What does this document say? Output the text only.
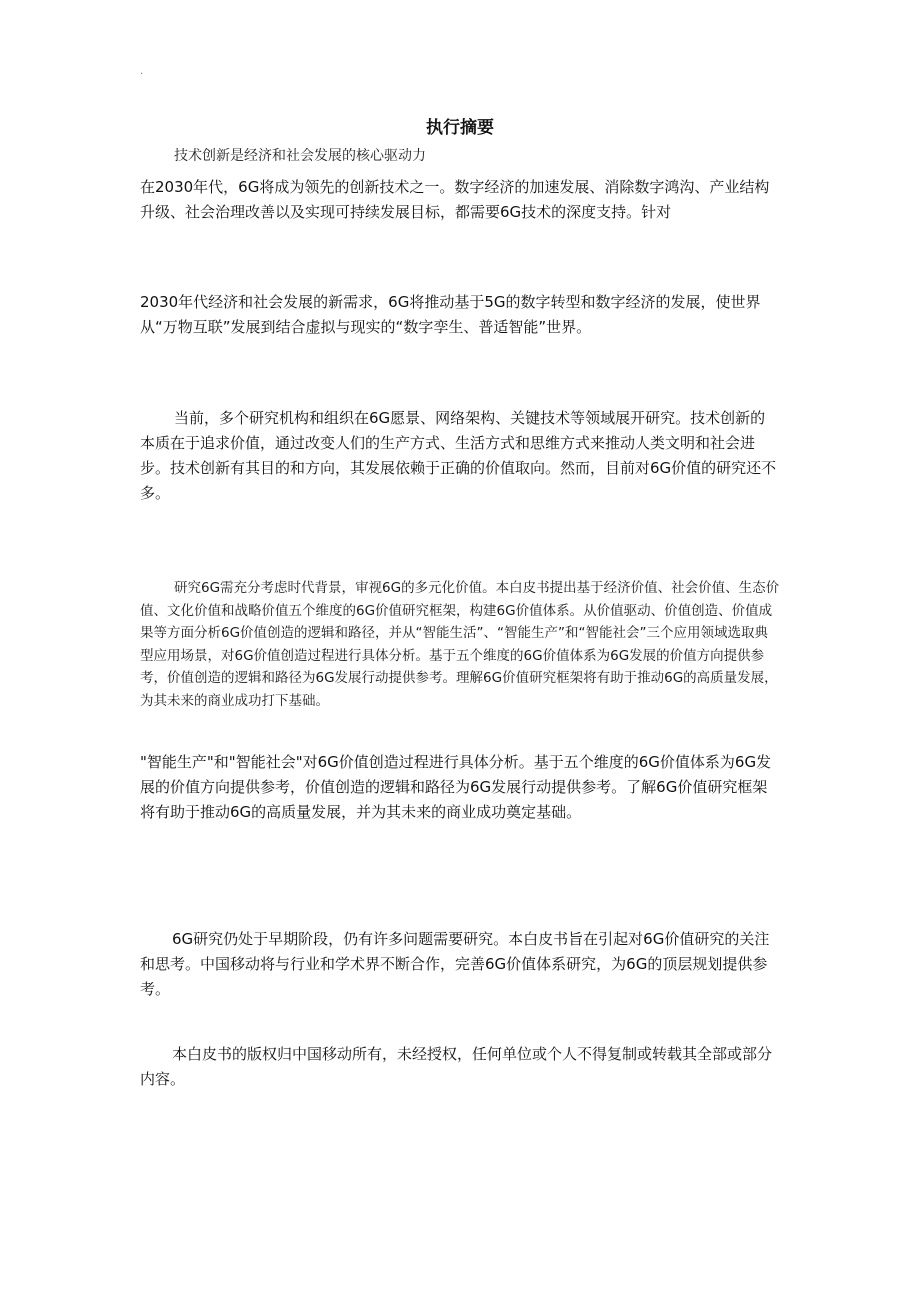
.
执行摘要

技术创新是经济和社会发展的核心驱动力

在2030年代，6G将成为领先的创新技术之一。数字经济的加速发展、消除数字鸿沟、产业结构升级、社会治理改善以及实现可持续发展目标，都需要6G技术的深度支持。针对

2030年代经济和社会发展的新需求，6G将推动基于5G的数字转型和数字经济的发展，使世界从“万物互联”发展到结合虚拟与现实的“数字孪生、普适智能”世界。

当前，多个研究机构和组织在6G愿景、网络架构、关键技术等领域展开研究。技术创新的本质在于追求价值，通过改变人们的生产方式、生活方式和思维方式来推动人类文明和社会进步。技术创新有其目的和方向，其发展依赖于正确的价值取向。然而，目前对6G价值的研究还不多。

研究6G需充分考虑时代背景，审视6G的多元化价值。本白皮书提出基于经济价值、社会价值、生态价值、文化价值和战略价值五个维度的6G价值研究框架，构建6G价值体系。从价值驱动、价值创造、价值成果等方面分析6G价值创造的逻辑和路径，并从“智能生活”、“智能生产”和“智能社会”三个应用领域选取典型应用场景，对6G价值创造过程进行具体分析。基于五个维度的6G价值体系为6G发展的价值方向提供参考，价值创造的逻辑和路径为6G发展行动提供参考。理解6G价值研究框架将有助于推动6G的高质量发展，为其未来的商业成功打下基础。

"智能生产"和"智能社会"对6G价值创造过程进行具体分析。基于五个维度的6G价值体系为6G发展的价值方向提供参考，价值创造的逻辑和路径为6G发展行动提供参考。了解6G价值研究框架将有助于推动6G的高质量发展，并为其未来的商业成功奠定基础。

6G研究仍处于早期阶段，仍有许多问题需要研究。本白皮书旨在引起对6G价值研究的关注和思考。中国移动将与行业和学术界不断合作，完善6G价值体系研究，为6G的顶层规划提供参考。

本白皮书的版权归中国移动所有，未经授权，任何单位或个人不得复制或转载其全部或部分内容。
